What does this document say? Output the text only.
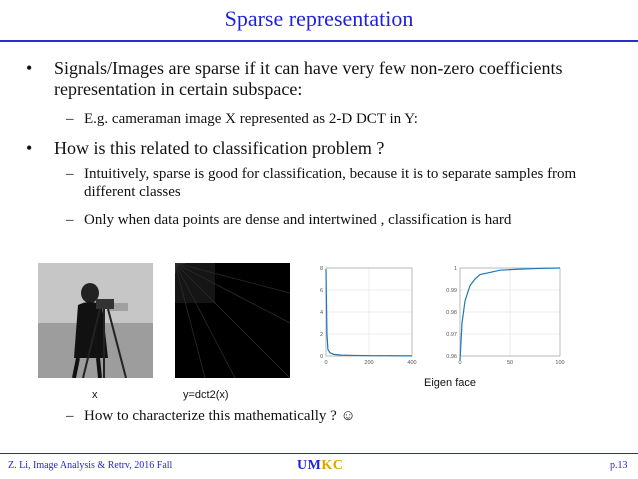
Sparse representation
• Signals/Images are sparse if it can have very few non-zero coefficients representation in certain subspace:
– E.g. cameraman image X represented as 2-D DCT in Y:
• How is this related to classification problem ?
– Intuitively, sparse is good for classification, because it is to separate samples from different classes
– Only when data points are dense and intertwined , classification is hard
0
2
4
6
8
0	200	400
0.96
0.97
0.98
0.99
1
0	50	100
x	y=dct2(x)
Eigen face
– How to characterize this mathematically ? ☺
Z. Li, Image Analysis & Retrv, 2016 Fall	UMKC	p.13
